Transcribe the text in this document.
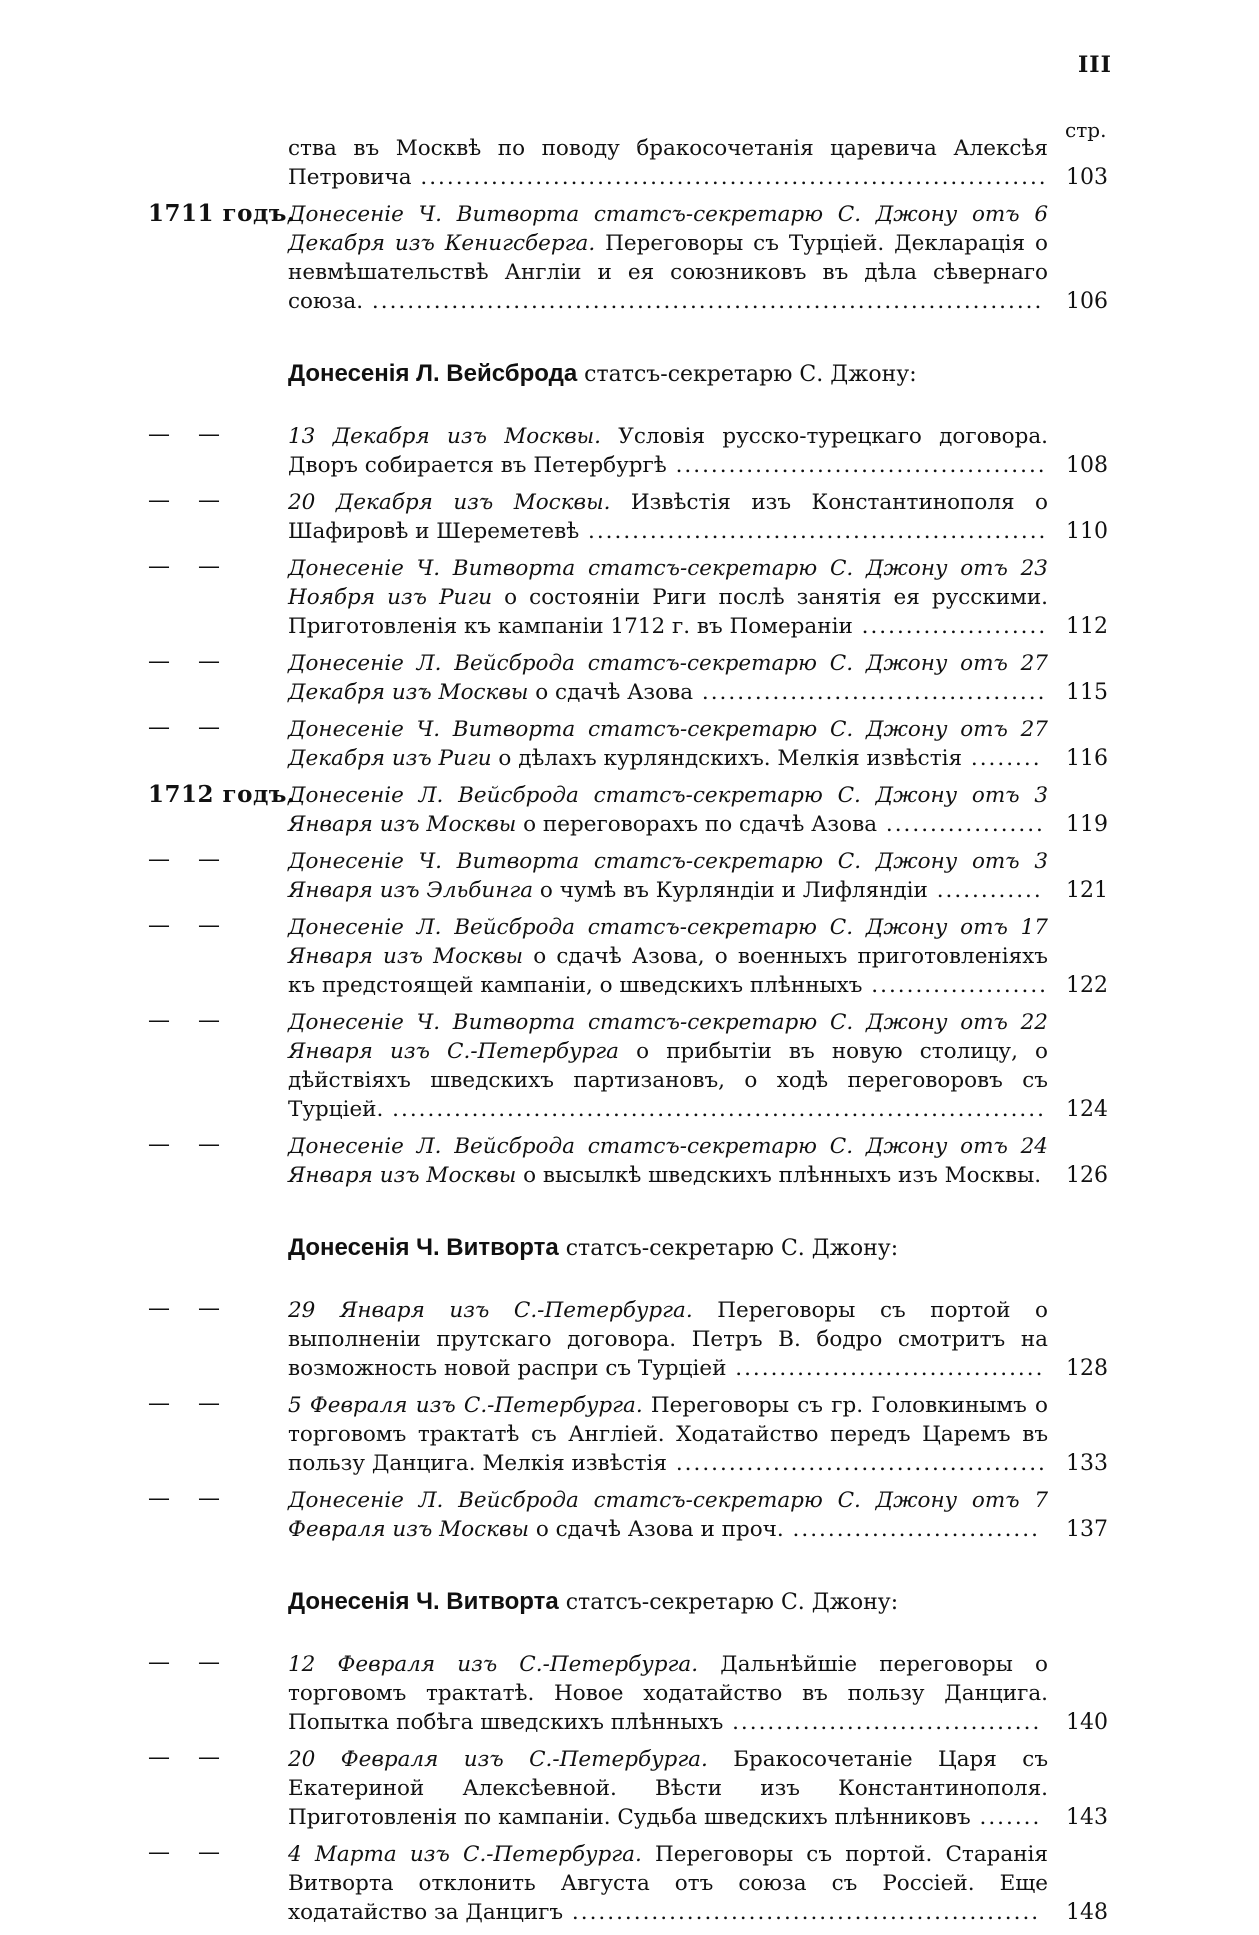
III
стр.
ства въ Москвѣ по поводу бракосочетанія царевича Алексѣя Петровича ....................................................................... 103
1711 годъ.
Донесеніе Ч. Витворта статсъ-секретарю С. Джону отъ 6 Декабря изъ Кенигсберга. Переговоры съ Турціей. Декларація о невмѣшательствѣ Англіи и ея союзниковъ въ дѣла сѣвернаго союза. ............................................................................	106
Донесенія Л. Вейсброда статсъ-секретарю С. Джону:
—	—	13 Декабря изъ Москвы. Условія русско-турецкаго договора. Дворъ собирается въ Петербургѣ .......................................... 108
—	—	20 Декабря изъ Москвы. Извѣстія изъ Константинополя о Шафировѣ и Шереметевѣ .................................................... 110
—	—	Донесеніе Ч. Витворта статсъ-секретарю С. Джону отъ 23 Ноября изъ Риги о состояніи Риги послѣ занятія ея русскими. Приготовленія къ кампаніи 1712 г. въ Помераніи ..................... 112
—	—	Донесеніе Л. Вейсброда статсъ-секретарю С. Джону отъ 27 Декабря изъ Москвы о сдачѣ Азова ....................................... 115
—	—	Донесеніе Ч. Витворта статсъ-секретарю С. Джону отъ 27 Декабря изъ Риги о дѣлахъ курляндскихъ. Мелкія извѣстія ........	116
1712 годъ.
Донесеніе Л. Вейсброда статсъ-секретарю С. Джону отъ 3 Января изъ Москвы о переговорахъ по сдачѣ Азова .................. 119
—	—	Донесеніе Ч. Витворта статсъ-секретарю С. Джону отъ 3 Января изъ Эльбинга о чумѣ въ Курляндіи и Лифляндіи ............	121
—	—	Донесеніе Л. Вейсброда статсъ-секретарю С. Джону отъ 17 Января изъ Москвы о сдачѣ Азова, о военныхъ приготовленіяхъ къ предстоящей кампаніи, о шведскихъ плѣнныхъ .................... 122
—	—	Донесеніе Ч. Витворта статсъ-секретарю С. Джону отъ 22 Января изъ С.-Петербурга о прибытіи въ новую столицу, о дѣйствіяхъ шведскихъ партизановъ, о ходѣ переговоровъ съ Турціей. .......................................................................... 124
—	—	Донесеніе Л. Вейсброда статсъ-секретарю С. Джону отъ 24 Января изъ Москвы о высылкѣ шведскихъ плѣнныхъ изъ Москвы.	126
Донесенія Ч. Витворта статсъ-секретарю С. Джону:
—	—	29 Января изъ С.-Петербурга. Переговоры съ портой о выполненіи прутскаго договора. Петръ В. бодро смотритъ на возможность новой распри съ Турціей ................................... 128
—	—	5 Февраля изъ С.-Петербурга. Переговоры съ гр. Головкинымъ о торговомъ трактатѣ съ Англіей. Ходатайство передъ Царемъ въ пользу Данцига. Мелкія извѣстія .......................................... 133
—	—	Донесеніе Л. Вейсброда статсъ-секретарю С. Джону отъ 7 Февраля изъ Москвы о сдачѣ Азова и проч. ............................	137
Донесенія Ч. Витворта статсъ-секретарю С. Джону:
—	—	12 Февраля изъ С.-Петербурга. Дальнѣйшіе переговоры о торговомъ трактатѣ. Новое ходатайство въ пользу Данцига. Попытка побѣга шведскихъ плѣнныхъ ...................................	140
—	—	20 Февраля изъ С.-Петербурга. Бракосочетаніе Царя съ Екатериной Алексѣевной. Вѣсти изъ Константинополя. Приготовленія по кампаніи. Судьба шведскихъ плѣнниковъ .......	143
—	—	4 Марта изъ С.-Петербурга. Переговоры съ портой. Старанія Витворта отклонить Августа отъ союза съ Россіей. Еще ходатайство за Данцигъ .....................................................	148
